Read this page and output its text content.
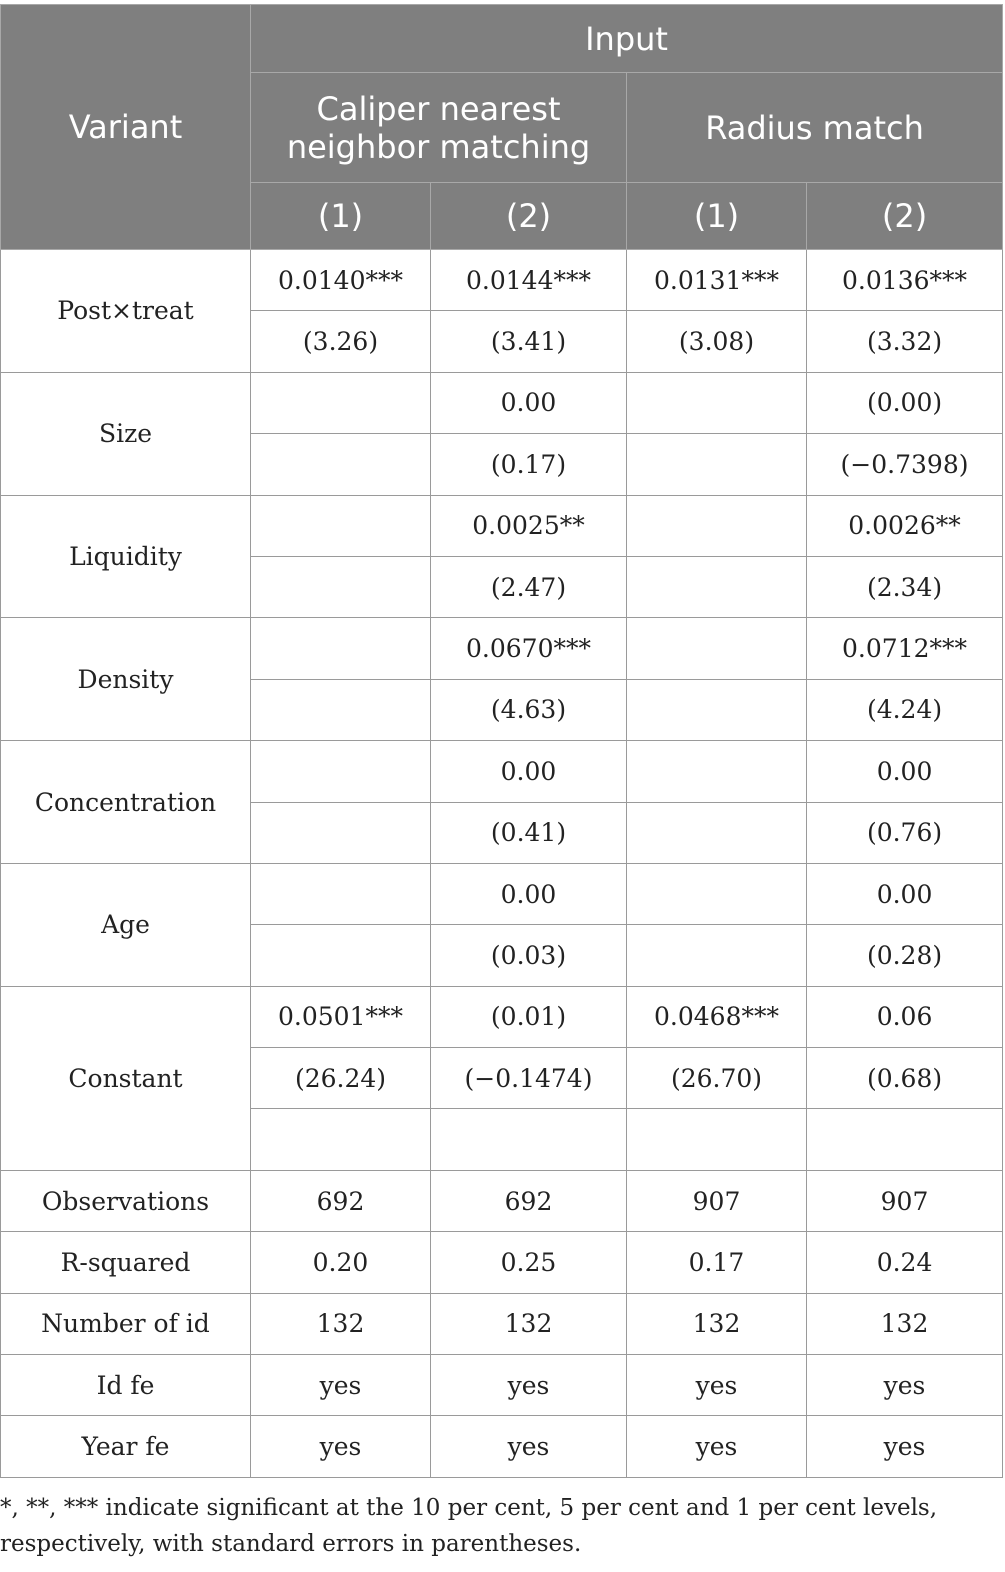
Variant	Input			
	Caliper nearest neighbor matching		Radius match	
	(1)	(2)	(1)	(2)
Post×treat	0.0140***	0.0144***	0.0131***	0.0136***
	(3.26)	(3.41)	(3.08)	(3.32)
Size		0.00		(0.00)
		(0.17)		(−0.7398)
Liquidity		0.0025**		0.0026**
		(2.47)		(2.34)
Density		0.0670***		0.0712***
		(4.63)		(4.24)
Concentration		0.00		0.00
		(0.41)		(0.76)
Age		0.00		0.00
		(0.03)		(0.28)
Constant	0.0501***	(0.01)	0.0468***	0.06
	(26.24)	(−0.1474)	(26.70)	(0.68)

Observations	692	692	907	907
R-squared	0.20	0.25	0.17	0.24
Number of id	132	132	132	132
Id fe	yes	yes	yes	yes
Year fe	yes	yes	yes	yes
*, **, *** indicate significant at the 10 per cent, 5 per cent and 1 per cent levels, respectively, with standard errors in parentheses.
